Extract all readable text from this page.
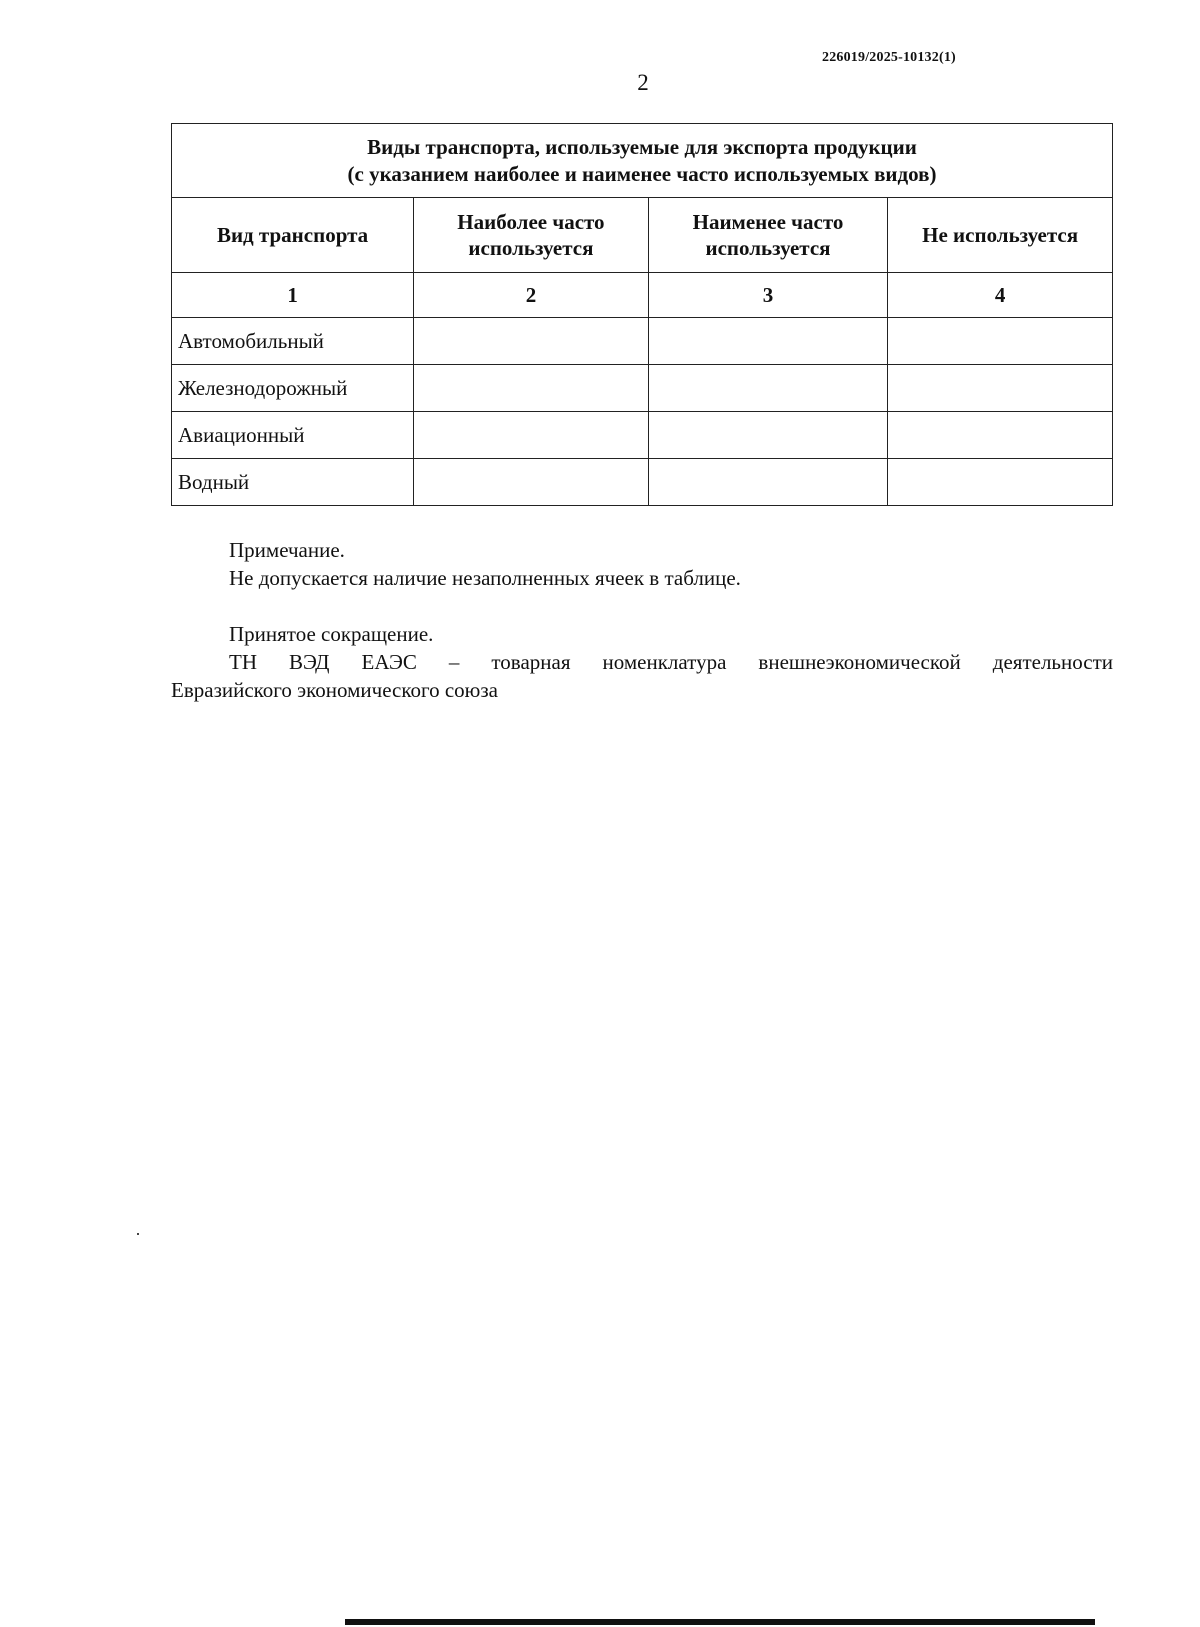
226019/2025-10132(1)
2
Виды транспорта, используемые для экспорта продукции
(с указанием наиболее и наименее часто используемых видов)			

Вид транспорта	Наиболее часто используется	Наименее часто используется	Не используется
1	2	3	4
Автомобильный			
Железнодорожный			
Авиационный			
Водный			
Примечание.
Не допускается наличие незаполненных ячеек в таблице.
Принятое сокращение.
ТН ВЭД ЕАЭС – товарная номенклатура внешнеэкономической деятельности
Евразийского экономического союза
